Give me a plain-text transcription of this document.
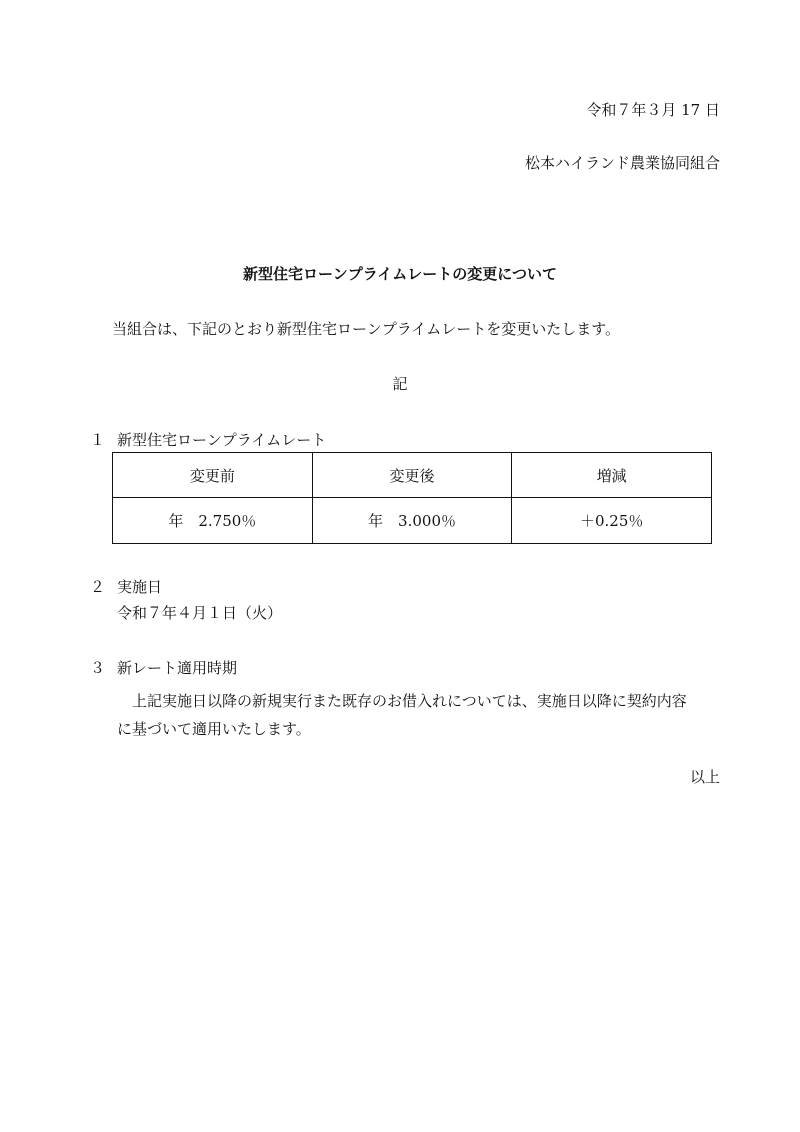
令和７年３月 17 日
松本ハイランド農業協同組合
新型住宅ローンプライムレートの変更について
当組合は、下記のとおり新型住宅ローンプライムレートを変更いたします。
記
１ 新型住宅ローンプライムレート
変更前	変更後	増減
年　2.750％	年　3.000％	＋0.25％
２ 実施日
令和７年４月１日（火）
３ 新レート適用時期

上記実施日以降の新規実行また既存のお借入れについては、実施日以降に契約内容

に基づいて適用いたします。

以上
